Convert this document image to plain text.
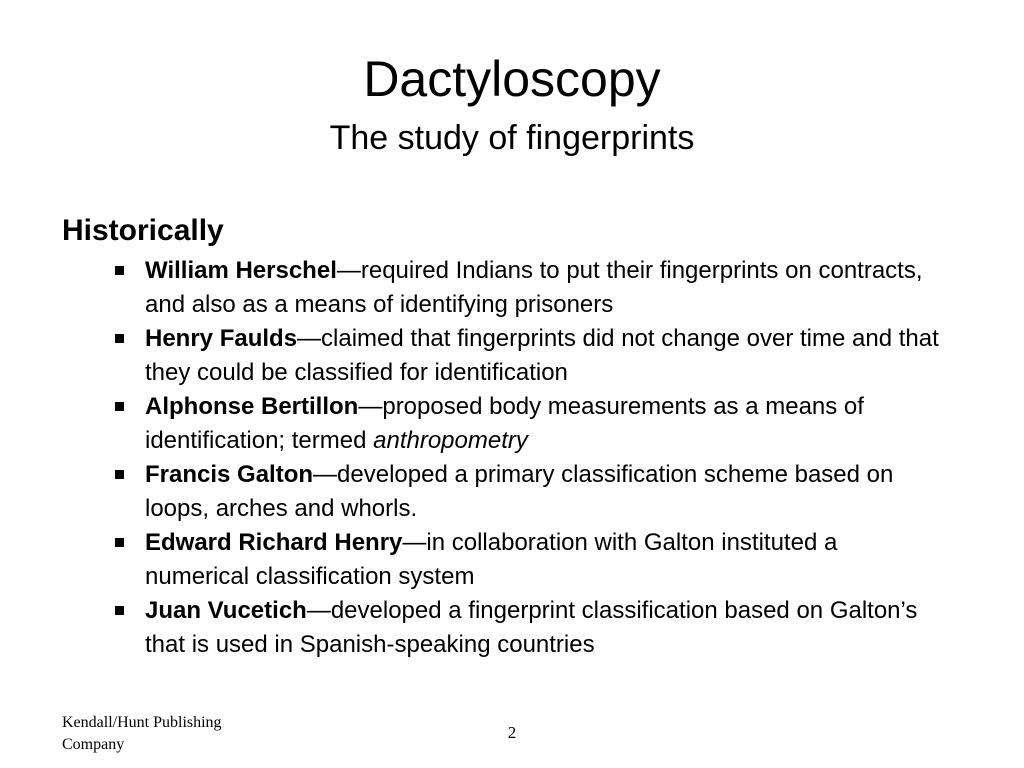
Dactyloscopy
The study of fingerprints
Historically
William Herschel—required Indians to put their fingerprints on contracts, and also as a means of identifying prisoners
Henry Faulds—claimed that fingerprints did not change over time and that they could be classified for identification
Alphonse Bertillon—proposed body measurements as a means of identification; termed anthropometry
Francis Galton—developed a primary classification scheme based on loops, arches and whorls.
Edward Richard Henry—in collaboration with Galton instituted a numerical classification system
Juan Vucetich—developed a fingerprint classification based on Galton’s that is used in Spanish-speaking countries
Kendall/Hunt Publishing Company
2
